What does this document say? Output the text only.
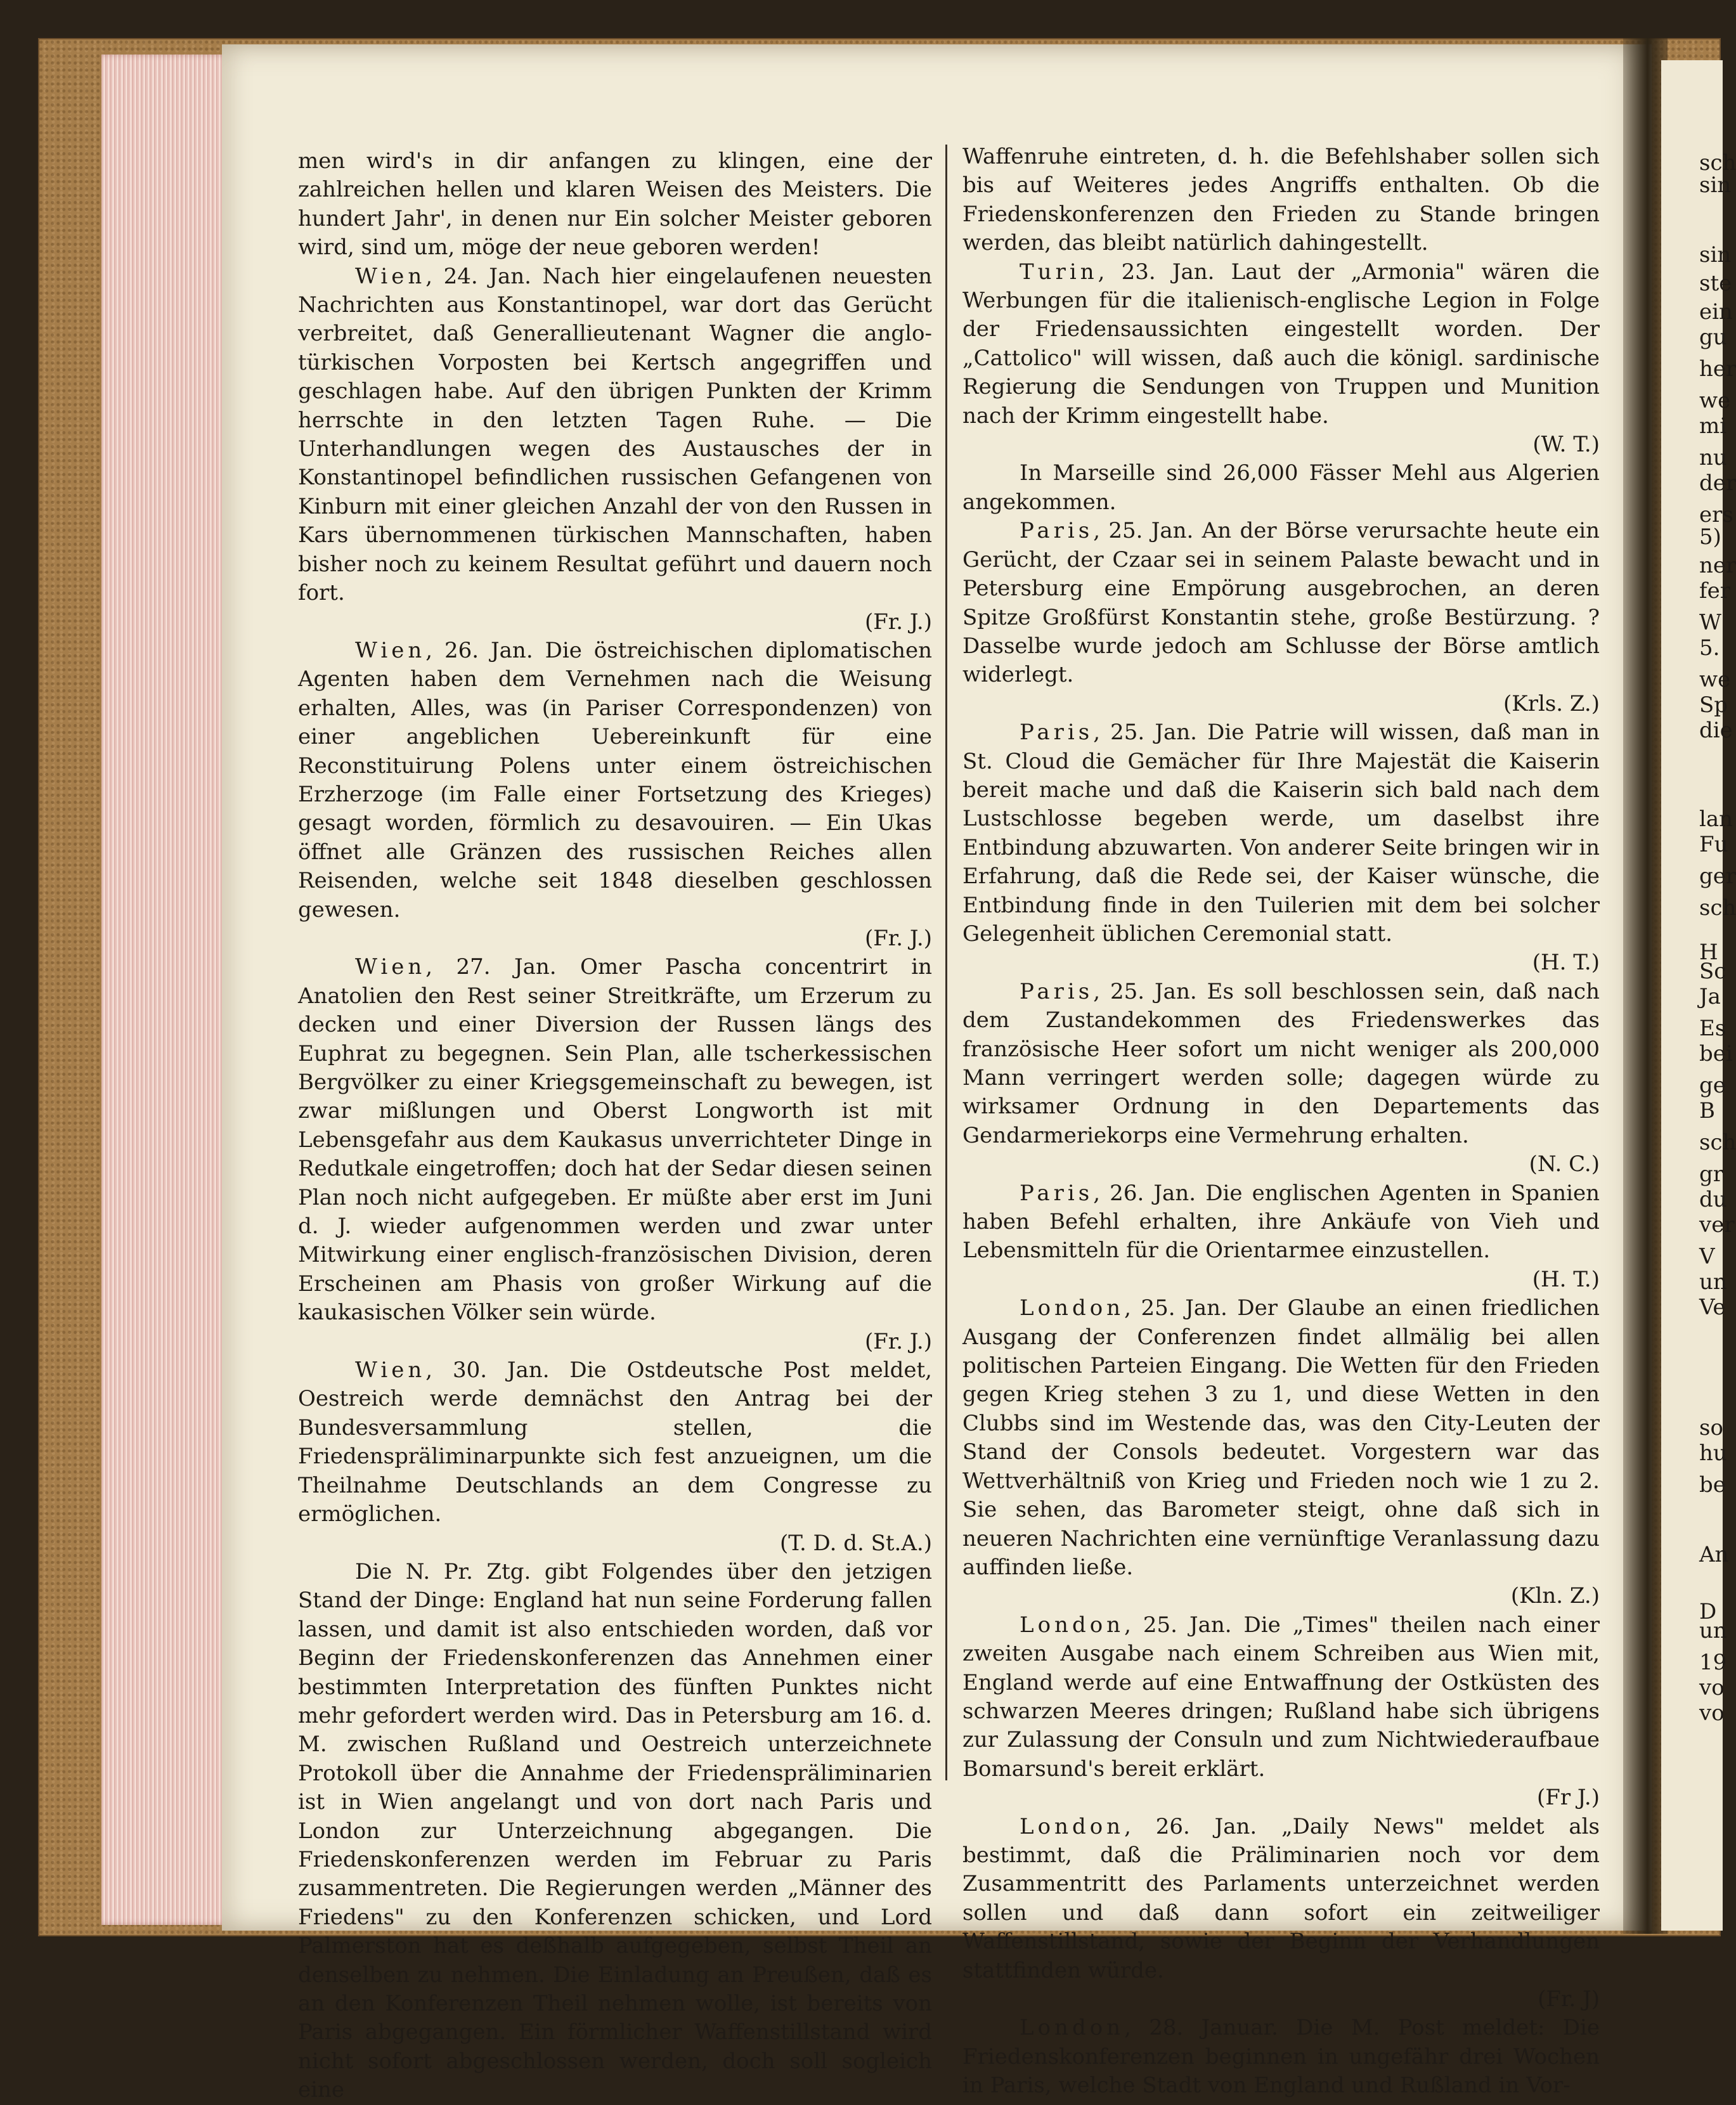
men wird's in dir anfangen zu klingen, eine der zahlreichen hellen und klaren Weisen des Meisters. Die hundert Jahr', in denen nur Ein solcher Meister geboren wird, sind um, möge der neue geboren werden!

Wien, 24. Jan. Nach hier eingelaufenen neuesten Nachrichten aus Konstantinopel, war dort das Gerücht verbreitet, daß Generallieutenant Wagner die anglo-türkischen Vorposten bei Kertsch angegriffen und geschlagen habe. Auf den übrigen Punkten der Krimm herrschte in den letzten Tagen Ruhe. — Die Unterhandlungen wegen des Austausches der in Konstantinopel befindlichen russischen Gefangenen von Kinburn mit einer gleichen Anzahl der von den Russen in Kars übernommenen türkischen Mannschaften, haben bisher noch zu keinem Resultat geführt und dauern noch fort.
(Fr. J.)

Wien, 26. Jan. Die östreichischen diplomatischen Agenten haben dem Vernehmen nach die Weisung erhalten, Alles, was (in Pariser Correspondenzen) von einer angeblichen Uebereinkunft für eine Reconstituirung Polens unter einem östreichischen Erzherzoge (im Falle einer Fortsetzung des Krieges) gesagt worden, förmlich zu desavouiren. — Ein Ukas öffnet alle Gränzen des russischen Reiches allen Reisenden, welche seit 1848 dieselben geschlossen gewesen.
(Fr. J.)

Wien, 27. Jan. Omer Pascha concentrirt in Anatolien den Rest seiner Streitkräfte, um Erzerum zu decken und einer Diversion der Russen längs des Euphrat zu begegnen. Sein Plan, alle tscherkessischen Bergvölker zu einer Kriegsgemeinschaft zu bewegen, ist zwar mißlungen und Oberst Longworth ist mit Lebensgefahr aus dem Kaukasus unverrichteter Dinge in Redutkale eingetroffen; doch hat der Sedar diesen seinen Plan noch nicht aufgegeben. Er müßte aber erst im Juni d. J. wieder aufgenommen werden und zwar unter Mitwirkung einer englisch-französischen Division, deren Erscheinen am Phasis von großer Wirkung auf die kaukasischen Völker sein würde.
(Fr. J.)

Wien, 30. Jan. Die Ostdeutsche Post meldet, Oestreich werde demnächst den Antrag bei der Bundesversammlung stellen, die Friedenspräliminarpunkte sich fest anzueignen, um die Theilnahme Deutschlands an dem Congresse zu ermöglichen.
(T. D. d. St.A.)

Die N. Pr. Ztg. gibt Folgendes über den jetzigen Stand der Dinge: England hat nun seine Forderung fallen lassen, und damit ist also entschieden worden, daß vor Beginn der Friedenskonferenzen das Annehmen einer bestimmten Interpretation des fünften Punktes nicht mehr gefordert werden wird. Das in Petersburg am 16. d. M. zwischen Rußland und Oestreich unterzeichnete Protokoll über die Annahme der Friedenspräliminarien ist in Wien angelangt und von dort nach Paris und London zur Unterzeichnung abgegangen. Die Friedenskonferenzen werden im Februar zu Paris zusammentreten. Die Regierungen werden „Männer des Friedens" zu den Konferenzen schicken, und Lord Palmerston hat es deßhalb aufgegeben, selbst Theil an denselben zu nehmen. Die Einladung an Preußen, daß es an den Konferenzen Theil nehmen wolle, ist bereits von Paris abgegangen. Ein förmlicher Waffenstillstand wird nicht sofort abgeschlossen werden, doch soll sogleich eine

Waffenruhe eintreten, d. h. die Befehlshaber sollen sich bis auf Weiteres jedes Angriffs enthalten. Ob die Friedenskonferenzen den Frieden zu Stande bringen werden, das bleibt natürlich dahingestellt.

Turin, 23. Jan. Laut der „Armonia" wären die Werbungen für die italienisch-englische Legion in Folge der Friedensaussichten eingestellt worden. Der „Cattolico" will wissen, daß auch die königl. sardinische Regierung die Sendungen von Truppen und Munition nach der Krimm eingestellt habe.
(W. T.)

In Marseille sind 26,000 Fässer Mehl aus Algerien angekommen.

Paris, 25. Jan. An der Börse verursachte heute ein Gerücht, der Czaar sei in seinem Palaste bewacht und in Petersburg eine Empörung ausgebrochen, an deren Spitze Großfürst Konstantin stehe, große Bestürzung. ? Dasselbe wurde jedoch am Schlusse der Börse amtlich widerlegt.
(Krls. Z.)

Paris, 25. Jan. Die Patrie will wissen, daß man in St. Cloud die Gemächer für Ihre Majestät die Kaiserin bereit mache und daß die Kaiserin sich bald nach dem Lustschlosse begeben werde, um daselbst ihre Entbindung abzuwarten. Von anderer Seite bringen wir in Erfahrung, daß die Rede sei, der Kaiser wünsche, die Entbindung finde in den Tuilerien mit dem bei solcher Gelegenheit üblichen Ceremonial statt.
(H. T.)

Paris, 25. Jan. Es soll beschlossen sein, daß nach dem Zustandekommen des Friedenswerkes das französische Heer sofort um nicht weniger als 200,000 Mann verringert werden solle; dagegen würde zu wirksamer Ordnung in den Departements das Gendarmeriekorps eine Vermehrung erhalten.
(N. C.)

Paris, 26. Jan. Die englischen Agenten in Spanien haben Befehl erhalten, ihre Ankäufe von Vieh und Lebensmitteln für die Orientarmee einzustellen.
(H. T.)

London, 25. Jan. Der Glaube an einen friedlichen Ausgang der Conferenzen findet allmälig bei allen politischen Parteien Eingang. Die Wetten für den Frieden gegen Krieg stehen 3 zu 1, und diese Wetten in den Clubbs sind im Westende das, was den City-Leuten der Stand der Consols bedeutet. Vorgestern war das Wettverhältniß von Krieg und Frieden noch wie 1 zu 2. Sie sehen, das Barometer steigt, ohne daß sich in neueren Nachrichten eine vernünftige Veranlassung dazu auffinden ließe.
(Kln. Z.)

London, 25. Jan. Die „Times" theilen nach einer zweiten Ausgabe nach einem Schreiben aus Wien mit, England werde auf eine Entwaffnung der Ostküsten des schwarzen Meeres dringen; Rußland habe sich übrigens zur Zulassung der Consuln und zum Nichtwiederaufbaue Bomarsund's bereit erklärt.
(Fr J.)

London, 26. Jan. „Daily News" meldet als bestimmt, daß die Präliminarien noch vor dem Zusammentritt des Parlaments unterzeichnet werden sollen und daß dann sofort ein zeitweiliger Waffenstillstand, sowie der Beginn der Verhandlungen stattfinden würde.
(Fr. J)

London, 28. Januar. Die M. Post meldet: Die Friedenskonferenzen beginnen in ungefähr drei Wochen in Paris, welche Stadt von England und Rußland in Vor-

sch
sin
sin
ste
ein
gu
her
we
mi
nu
der
ers
5)
ner
fer
W
5.
we
Sp
die
lan
Fu
ger
sch
H
Sc
Ja
Es
bei
ge
B
sch
gr
du
ver
V
un
Ve
so
hu
be
An
D
un
19
vo
vo
